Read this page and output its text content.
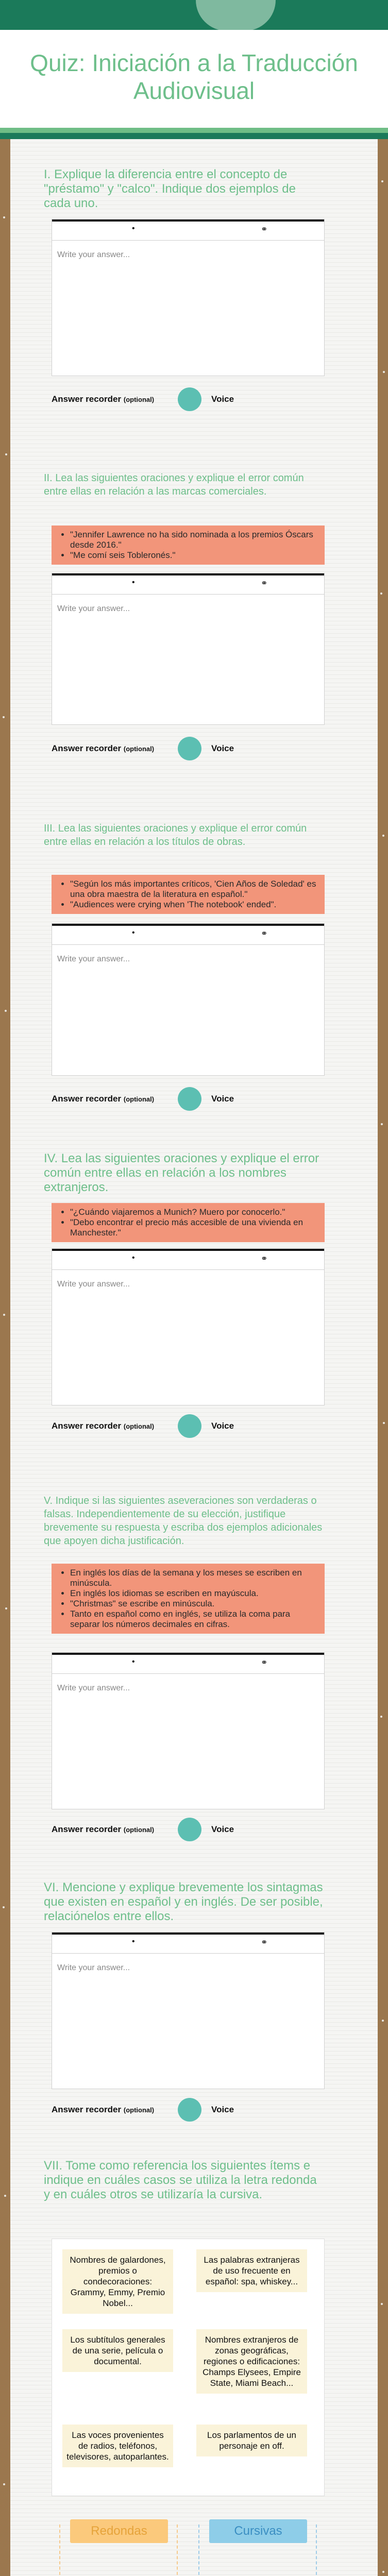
Quiz: Iniciación a la Traducción Audiovisual
I. Explique la diferencia entre el concepto de "préstamo" y "calco". Indique dos ejemplos de cada uno.
•	⚭
Write your answer...
Answer recorder (optional)	Voice
II. Lea las siguientes oraciones y explique el error común entre ellas en relación a las marcas comerciales.
• "Jennifer Lawrence no ha sido nominada a los premios Óscars desde 2016."
• "Me comí seis Tobleronés."
•	⚭
Write your answer...
Answer recorder (optional)	Voice
III. Lea las siguientes oraciones y explique el error común entre ellas en relación a los títulos de obras.
• "Según los más importantes críticos, 'Cien Años de Soledad' es una obra maestra de la literatura en español."
• "Audiences were crying when 'The notebook' ended".
•	⚭
Write your answer...
Answer recorder (optional)	Voice
IV. Lea las siguientes oraciones y explique el error común entre ellas en relación a los nombres extranjeros.
• "¿Cuándo viajaremos a Munich? Muero por conocerlo."
• "Debo encontrar el precio más accesible de una vivienda en Manchester."
•	⚭
Write your answer...
Answer recorder (optional)	Voice
V. Indique si las siguientes aseveraciones son verdaderas o falsas. Independientemente de su elección, justifique brevemente su respuesta y escriba dos ejemplos adicionales que apoyen dicha justificación.
• En inglés los días de la semana y los meses se escriben en minúscula.
• En inglés los idiomas se escriben en mayúscula.
• "Christmas" se escribe en minúscula.
• Tanto en español como en inglés, se utiliza la coma para separar los números decimales en cifras.
•	⚭
Write your answer...
Answer recorder (optional)	Voice
VI. Mencione y explique brevemente los sintagmas que existen en español y en inglés. De ser posible, relaciónelos entre ellos.
•	⚭
Write your answer...
Answer recorder (optional)	Voice
VII. Tome como referencia los siguientes ítems e indique en cuáles casos se utiliza la letra redonda y en cuáles otros se utilizaría la cursiva.
Nombres de galardones, premios o condecoraciones: Grammy, Emmy, Premio Nobel...
Las palabras extranjeras de uso frecuente en español: spa, whiskey...
Los subtítulos generales de una serie, película o documental.
Nombres extranjeros de zonas geográficas, regiones o edificaciones: Champs Elysees, Empire State, Miami Beach...
Las voces provenientes de radios, teléfonos, televisores, autoparlantes.
Los parlamentos de un personaje en off.
Redondas	Cursivas
